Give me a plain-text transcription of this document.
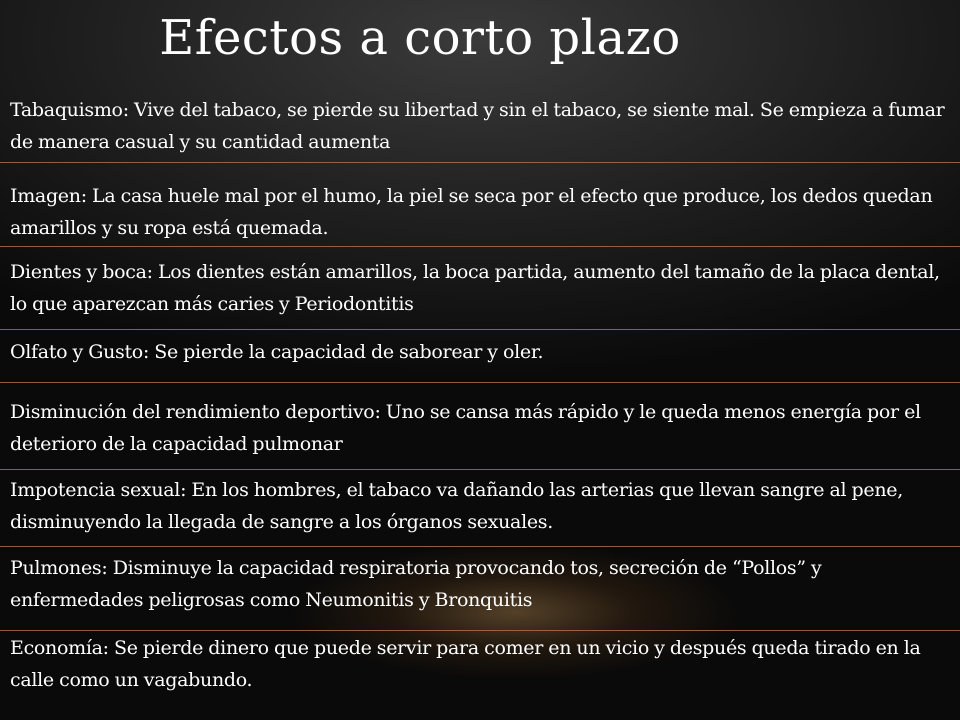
Efectos a corto plazo
Tabaquismo: Vive del tabaco, se pierde su libertad y sin el tabaco, se siente mal. Se empieza a fumar de manera casual y su cantidad aumenta
Imagen: La casa huele mal por el humo, la piel se seca por el efecto que produce, los dedos quedan amarillos y su ropa está quemada.
Dientes y boca: Los dientes están amarillos, la boca partida, aumento del tamaño de la placa dental, lo que aparezcan más caries y Periodontitis
Olfato y Gusto: Se pierde la capacidad de saborear y oler.
Disminución del rendimiento deportivo: Uno se cansa más rápido y le queda menos energía por el deterioro de la capacidad pulmonar
Impotencia sexual: En los hombres, el tabaco va dañando las arterias que llevan sangre al pene, disminuyendo la llegada de sangre a los órganos sexuales.
Pulmones: Disminuye la capacidad respiratoria provocando tos, secreción de “Pollos” y enfermedades peligrosas como Neumonitis y Bronquitis
Economía: Se pierde dinero que puede servir para comer en un vicio y después queda tirado en la calle como un vagabundo.
